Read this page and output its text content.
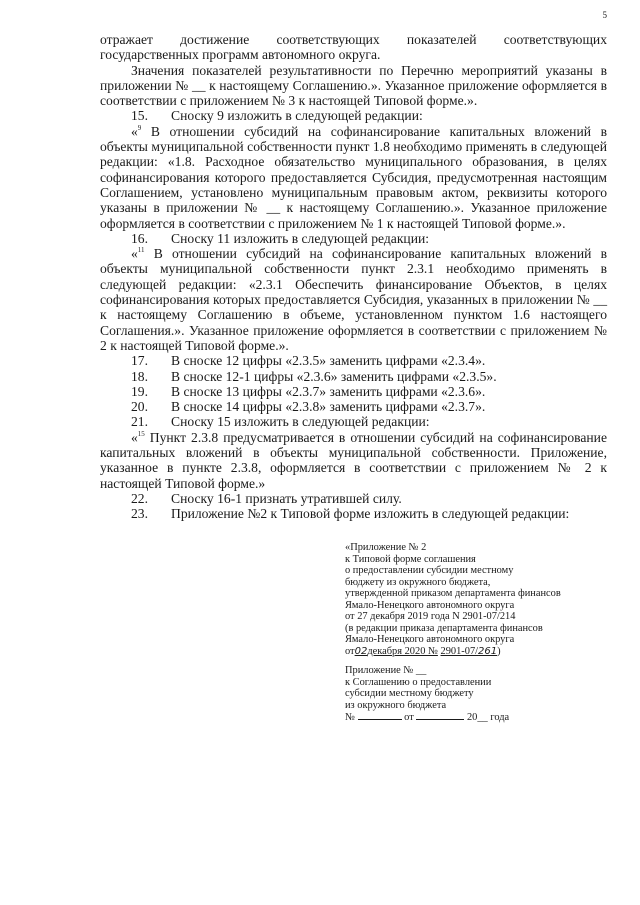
5

отражает достижение соответствующих показателей соответствующих государственных программ автономного округа.

Значения показателей результативности по Перечню мероприятий указаны в приложении № __ к настоящему Соглашению.». Указанное приложение оформляется в соответствии с приложением № 3 к настоящей Типовой форме.».

15.	Сноску 9 изложить в следующей редакции:

«$^9$ В отношении субсидий на софинансирование капитальных вложений в объекты муниципальной собственности пункт 1.8 необходимо применять в следующей редакции: «1.8. Расходное обязательство муниципального образования, в целях софинансирования которого предоставляется Субсидия, предусмотренная настоящим Соглашением, установлено муниципальным правовым актом, реквизиты которого указаны в приложении № __ к настоящему Соглашению.». Указанное приложение оформляется в соответствии с приложением № 1 к настоящей Типовой форме.».

16.	Сноску 11 изложить в следующей редакции:

«$^{11}$ В отношении субсидий на софинансирование капитальных вложений в объекты муниципальной собственности пункт 2.3.1 необходимо применять в следующей редакции: «2.3.1 Обеспечить финансирование Объектов, в целях софинансирования которых предоставляется Субсидия, указанных в приложении № __ к настоящему Соглашению в объеме, установленном пунктом 1.6 настоящего Соглашения.». Указанное приложение оформляется в соответствии с приложением № 2 к настоящей Типовой форме.».

17.	В сноске 12 цифры «2.3.5» заменить цифрами «2.3.4».
18.	В сноске 12-1 цифры «2.3.6» заменить цифрами «2.3.5».
19.	В сноске 13 цифры «2.3.7» заменить цифрами «2.3.6».
20.	В сноске 14 цифры «2.3.8» заменить цифрами «2.3.7».
21.	Сноску 15 изложить в следующей редакции:

«$^{15}$ Пункт 2.3.8 предусматривается в отношении субсидий на софинансирование капитальных вложений в объекты муниципальной собственности. Приложение, указанное в пункте 2.3.8, оформляется в соответствии с приложением № 2 к настоящей Типовой форме.»

22.	Сноску 16-1 признать утратившей силу.
23.	Приложение №2 к Типовой форме изложить в следующей редакции:

«Приложение № 2

к Типовой форме соглашения

о предоставлении субсидии местному

бюджету из окружного бюджета,

утвержденной приказом департамента финансов

Ямало-Ненецкого автономного округа

от 27 декабря 2019 года N 2901-07/214

(в редакции приказа департамента финансов

Ямало-Ненецкого автономного округа

от02декабря 2020 № 2901-07/261)

Приложение № __

к Соглашению о предоставлении

субсидии местному бюджету

из окружного бюджета

№	от	20__ года
